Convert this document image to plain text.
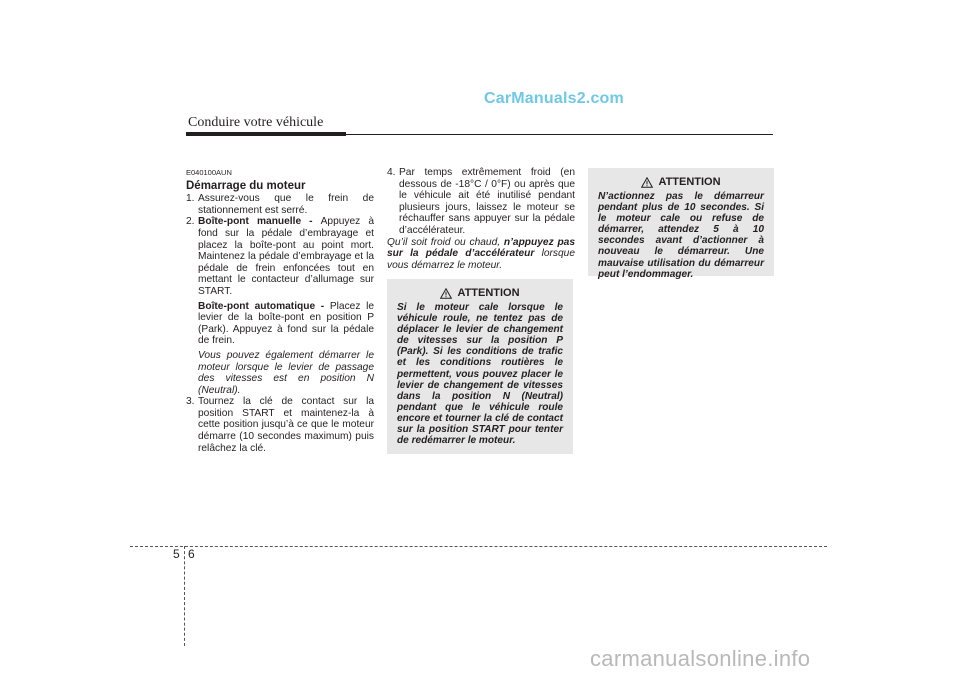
Conduire votre véhicule
CarManuals2.com
E040100AUN
Démarrage du moteur
1. Assurez-vous que le frein de stationnement est serré.
2. Boîte-pont manuelle - Appuyez à fond sur la pédale d’embrayage et placez la boîte-pont au point mort. Maintenez la pédale d’embrayage et la pédale de frein enfoncées tout en mettant le contacteur d’allumage sur START.
Boîte-pont automatique - Placez le levier de la boîte-pont en position P (Park). Appuyez à fond sur la pédale de frein.
Vous pouvez également démarrer le moteur lorsque le levier de passage des vitesses est en position N (Neutral).
3. Tournez la clé de contact sur la position START et maintenez-la à cette position jusqu’à ce que le moteur démarre (10 secondes maximum) puis relâchez la clé.
4. Par temps extrêmement froid (en dessous de -18°C / 0°F) ou après que le véhicule ait été inutilisé pendant plusieurs jours, laissez le moteur se réchauffer sans appuyer sur la pédale d’accélérateur.
Qu’il soit froid ou chaud, n’appuyez pas sur la pédale d’accélérateur lorsque vous démarrez le moteur.
ATTENTION
Si le moteur cale lorsque le véhicule roule, ne tentez pas de déplacer le levier de changement de vitesses sur la position P (Park). Si les conditions de trafic et les conditions routières le permettent, vous pouvez placer le levier de changement de vitesses dans la position N (Neutral) pendant que le véhicule roule encore et tourner la clé de contact sur la position START pour tenter de redémarrer le moteur.
ATTENTION
N’actionnez pas le démarreur pendant plus de 10 secondes. Si le moteur cale ou refuse de démarrer, attendez 5 à 10 secondes avant d’actionner à nouveau le démarreur. Une mauvaise utilisation du démarreur peut l’endommager.
5 6
carmanualsonline.info
